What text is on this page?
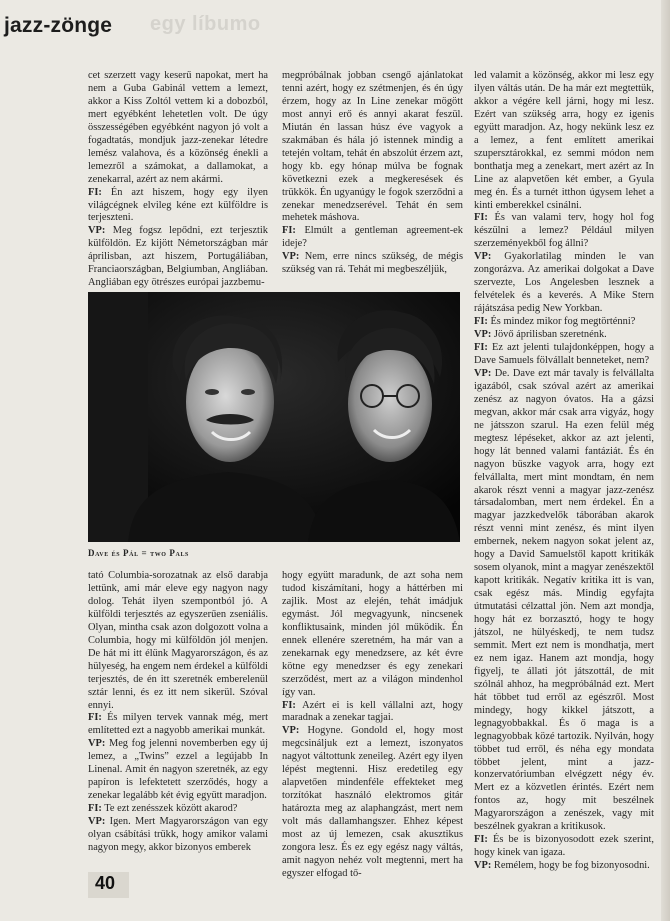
jazz-zönge egy líbumo

cet szerzett vagy keserű napokat, mert ha nem a Guba Gabinál vettem a lemezt, akkor a Kiss Zoltól vettem ki a dobozból, mert egyébként lehetetlen volt. De úgy összességében egyébként nagyon jó volt a fogadtatás, mondjuk jazz-zenekar létedre lemész valahova, és a közönség énekli a lemezről a számokat, a dallamokat, a zenekarral, azért az nem akármi.

FI: Én azt hiszem, hogy egy ilyen világcégnek elvileg kéne ezt külföldre is terjeszteni.

VP: Meg fogsz lepődni, ezt terjesztik külföldön. Ez kijött Németországban már áprilisban, azt hiszem, Portugáliában, Franciaországban, Belgiumban, Angliában. Angliában egy ötrészes európai jazzbemu-

megpróbálnak jobban csengő ajánlatokat tenni azért, hogy ez szétmenjen, és én úgy érzem, hogy az In Line zenekar mögött most annyi erő és annyi akarat feszül. Miután én lassan húsz éve vagyok a szakmában és hála jó istennek mindig a tetején voltam, tehát én abszolút érzem azt, hogy kb. egy hónap múlva be fognak következni ezek a megkeresések és trükkök. Én ugyanúgy le fogok szerződni a zenekar menedzserével. Tehát én sem mehetek máshova.

FI: Elmúlt a gentleman agreement-ek ideje?

VP: Nem, erre nincs szükség, de mégis szükség van rá. Tehát mi megbeszéljük,

led valamit a közönség, akkor mi lesz egy ilyen váltás után. De ha már ezt megtettük, akkor a végére kell járni, hogy mi lesz. Ezért van szükség arra, hogy ez igenis együtt maradjon. Az, hogy nekünk lesz ez a lemez, a fent említett amerikai szupersztárokkal, ez semmi módon nem bonthatja meg a zenekart, mert azért az In Line az alapvetően két ember, a Gyula meg én. És a turnét itthon úgysem lehet a kinti emberekkel csinálni.

FI: És van valami terv, hogy hol fog készülni a lemez? Például milyen szerzeményekből fog állni?

VP: Gyakorlatilag minden le van zongorázva. Az amerikai dolgokat a Dave szervezte, Los Angelesben lesznek a felvételek és a keverés. A Mike Stern rájátszása pedig New Yorkban.

FI: És mindez mikor fog megtörténni?

VP: Jövő áprilisban szeretnénk.

FI: Ez azt jelenti tulajdonképpen, hogy a Dave Samuels fölvállalt benneteket, nem?

VP: De. Dave ezt már tavaly is felvállalta igazából, csak szóval azért az amerikai zenész az nagyon óvatos. Ha a gázsi megvan, akkor már csak arra vigyáz, hogy ne játsszon szarul. Ha ezen felül még megtesz lépéseket, akkor az azt jelenti, hogy lát benned valami fantáziát. És én nagyon büszke vagyok arra, hogy ezt felvállalta, mert mint mondtam, én nem akarok részt venni a magyar jazz-zenész társadalomban, mert nem érdekel. Én a magyar jazzkedvelők táborában akarok részt venni mint zenész, és mint ilyen embernek, nekem nagyon sokat jelent az, hogy a David Samuelstől kapott kritikák sosem olyanok, mint a magyar zenészektől kapott kritikák. Negatív kritika itt is van, csak egész más. Mindig egyfajta útmutatási célzattal jön. Nem azt mondja, hogy hát ez borzasztó, hogy te hogy játszol, ne hülyéskedj, te nem tudsz semmit. Mert ezt nem is mondhatja, mert ez nem igaz. Hanem azt mondja, hogy figyelj, te állati jót játszottál, de mit szólnál ahhoz, ha megpróbálnád ezt. Mert hát többet tud erről az egészről. Most mindegy, hogy kikkel játszott, a legnagyobbakkal. És ő maga is a legnagyobbak közé tartozik. Nyilván, hogy többet tud erről, és néha egy mondata többet jelent, mint a jazz-konzervatóriumban elvégzett négy év. Mert ez a közvetlen érintés. Ezért nem fontos az, hogy mit beszélnek Magyarországon a zenészek, vagy mit beszélnek gyakran a kritikusok.

FI: És be is bizonyosodott ezek szerint, hogy kinek van igaza.

VP: Remélem, hogy be fog bizonyosodni.

Dave és Pál = two Pals

tató Columbia-sorozatnak az első darabja lettünk, ami már eleve egy nagyon nagy dolog. Tehát ilyen szempontból jó. A külföldi terjesztés az egyszerűen zseniális. Olyan, mintha csak azon dolgozott volna a Columbia, hogy mi külföldön jól menjen. De hát mi itt élünk Magyarországon, és az hülyeség, ha engem nem érdekel a külföldi terjesztés, de én itt szeretnék emberelenül sztár lenni, és ez itt nem sikerül. Szóval ennyi.

FI: És milyen tervek vannak még, mert említetted ezt a nagyobb amerikai munkát.

VP: Meg fog jelenni novemberben egy új lemez, a „Twins” ezzel a legújabb In Linenal. Amit én nagyon szeretnék, az egy papíron is lefektetett szerződés, hogy a zenekar legalább két évig együtt maradjon.

FI: Te ezt zenésszek között akarod?

VP: Igen. Mert Magyarországon van egy olyan csábítási trükk, hogy amikor valami nagyon megy, akkor bizonyos emberek

hogy együtt maradunk, de azt soha nem tudod kiszámítani, hogy a háttérben mi zajlik. Most az elején, tehát imádjuk egymást. Jól megvagyunk, nincsenek konfliktusaink, minden jól működik. Én ennek ellenére szeretném, ha már van a zenekarnak egy menedzsere, az két évre kötne egy menedzser és egy zenekari szerződést, mert az a világon mindenhol így van.

FI: Azért ei is kell vállalni azt, hogy maradnak a zenekar tagjai.

VP: Hogyne. Gondold el, hogy most megcsináljuk ezt a lemezt, iszonyatos nagyot váltottunk zeneileg. Azért egy ilyen lépést megtenni. Hisz eredetileg egy alapvetően mindenféle effekteket meg torzítókat használó elektromos gitár határozta meg az alaphangzást, mert nem volt más dallamhangszer. Ehhez képest most az új lemezen, csak akusztikus zongora lesz. És ez egy egész nagy váltás, amit nagyon nehéz volt megtenni, mert ha egyszer elfogad tő-

40
